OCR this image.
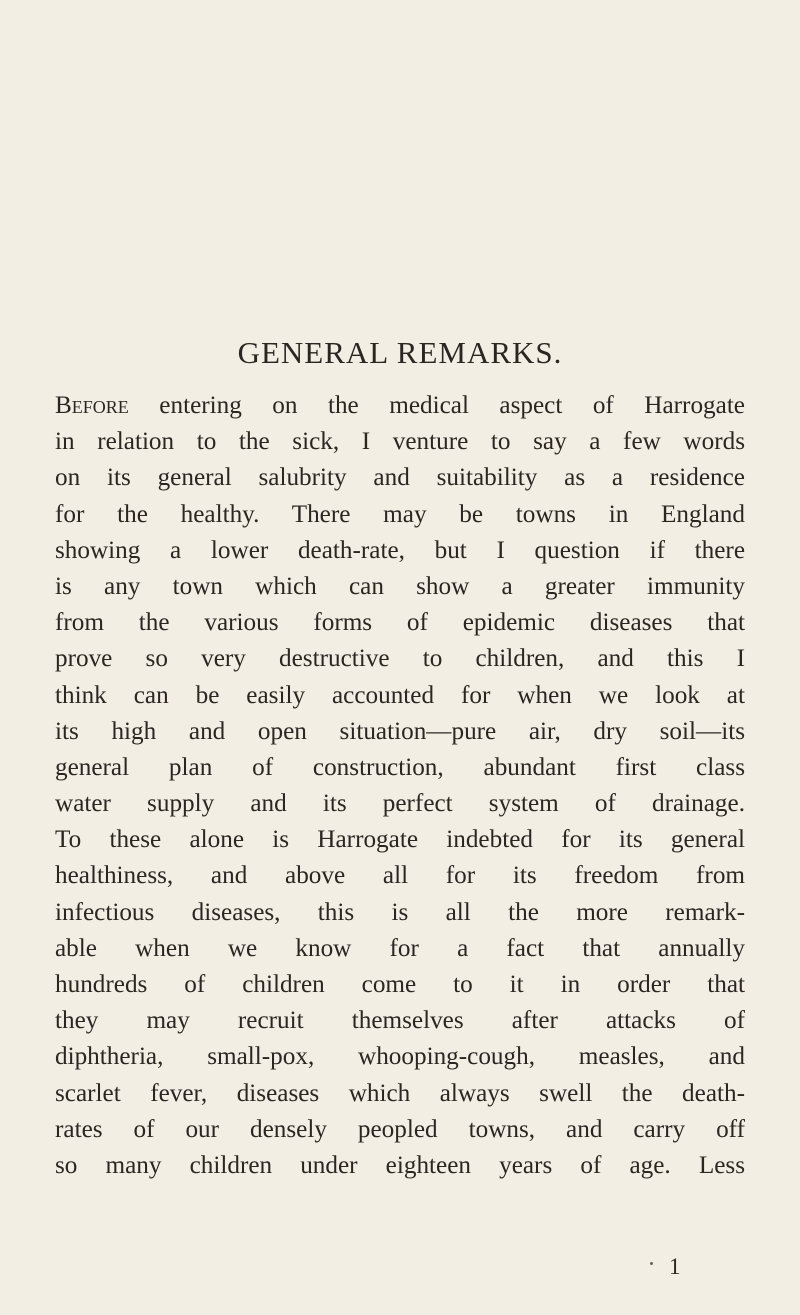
GENERAL REMARKS.
Before entering on the medical aspect of Harrogate
in relation to the sick, I venture to say a few words
on its general salubrity and suitability as a residence
for the healthy. There may be towns in England
showing a lower death-rate, but I question if there
is any town which can show a greater immunity
from the various forms of epidemic diseases that
prove so very destructive to children, and this I
think can be easily accounted for when we look at
its high and open situation—pure air, dry soil—its
general plan of construction, abundant first class
water supply and its perfect system of drainage.
To these alone is Harrogate indebted for its general
healthiness, and above all for its freedom from
infectious diseases, this is all the more remark-
able when we know for a fact that annually
hundreds of children come to it in order that
they may recruit themselves after attacks of
diphtheria, small-pox, whooping-cough, measles, and
scarlet fever, diseases which always swell the death-
rates of our densely peopled towns, and carry off
so many children under eighteen years of age. Less
1
